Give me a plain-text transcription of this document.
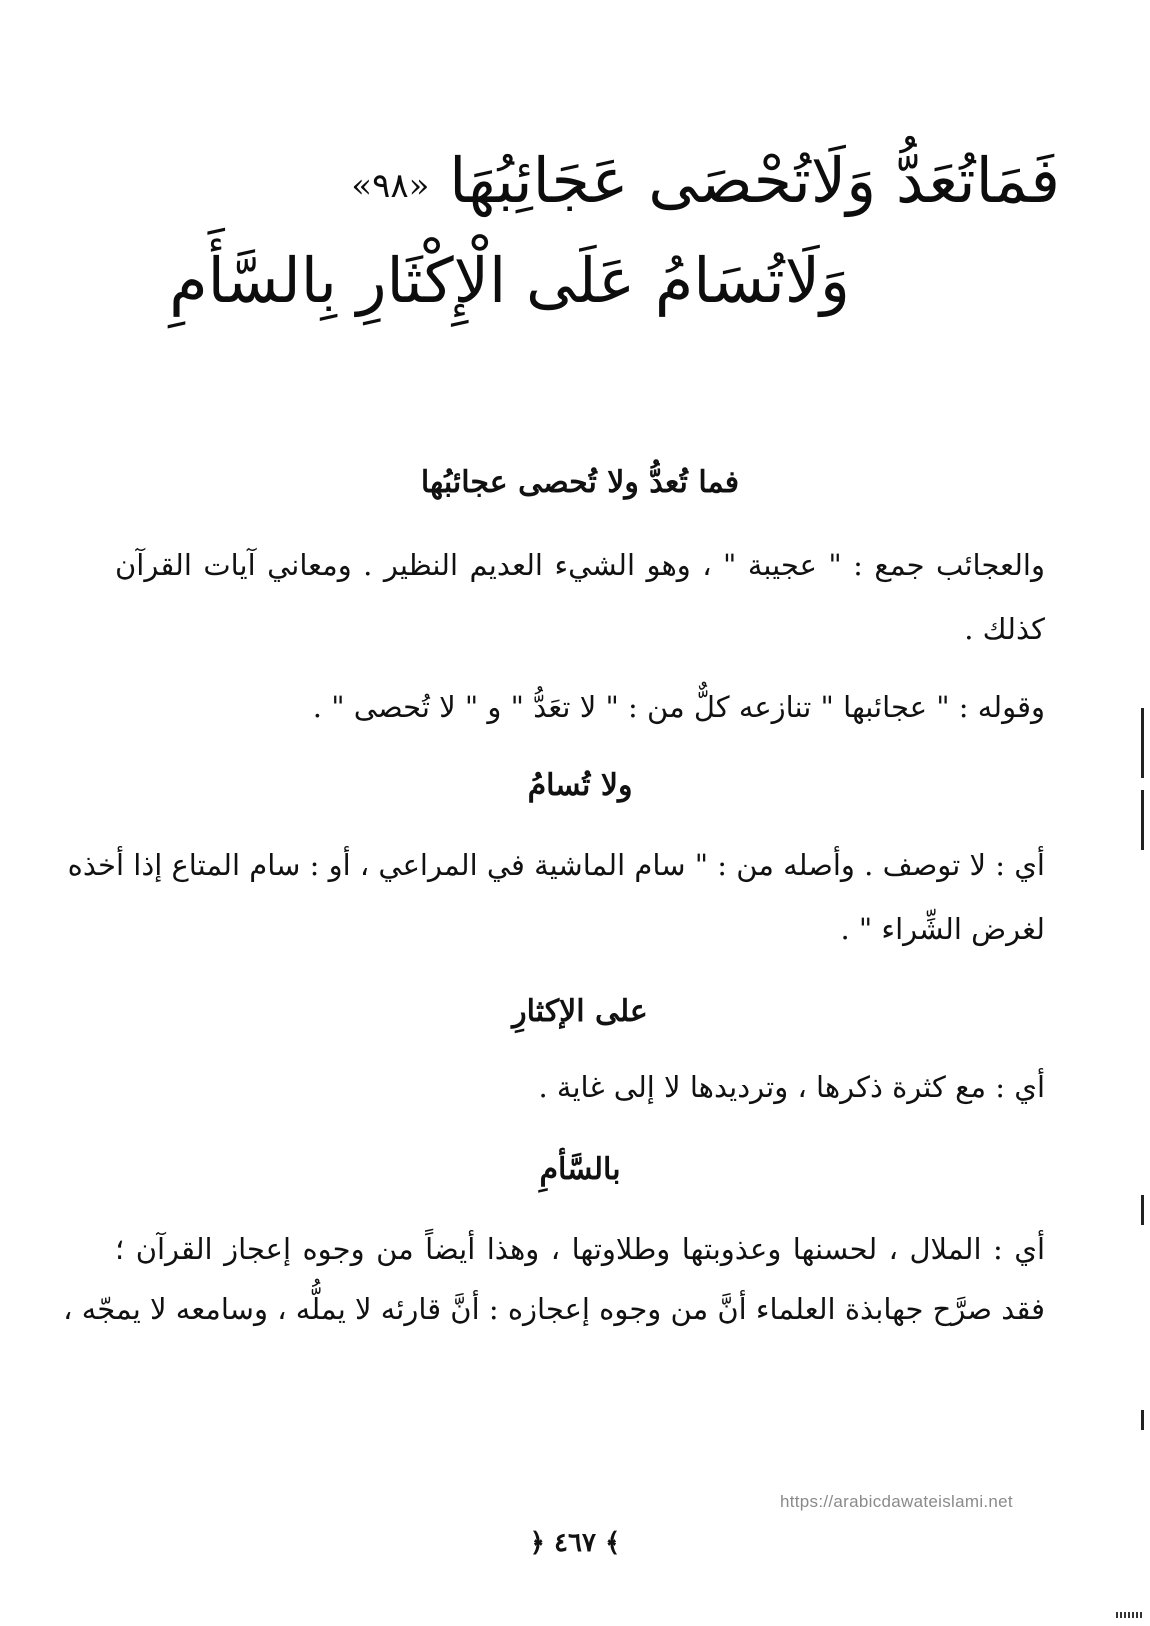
فَمَاتُعَدُّ وَلَاتُحْصَى عَجَائِبُهَا «٩٨»
وَلَاتُسَامُ عَلَى الْإِكْثَارِ بِالسَّأَمِ
فما تُعدُّ ولا تُحصى عجائبُها
والعجائب جمع : " عجيبة " ، وهو الشيء العديم النظير . ومعاني آيات القرآن
كذلك .
وقوله : " عجائبها " تنازعه كلٌّ من : " لا تعَدُّ " و " لا تُحصى " .
ولا تُسامُ
أي : لا توصف . وأصله من : " سام الماشية في المراعي ، أو : سام المتاع إذا أخذه
لغرض الشِّراء " .
على الإكثارِ
أي : مع كثرة ذكرها ، وترديدها لا إلى غاية .
بالسَّأمِ
أي : الملال ، لحسنها وعذوبتها وطلاوتها ، وهذا أيضاً من وجوه إعجاز القرآن ؛
فقد صرَّح جهابذة العلماء أنَّ من وجوه إعجازه : أنَّ قارئه لا يملُّه ، وسامعه لا يمجّه ،
https://arabicdawateislami.net
﴿ ٤٦٧ ﴾
